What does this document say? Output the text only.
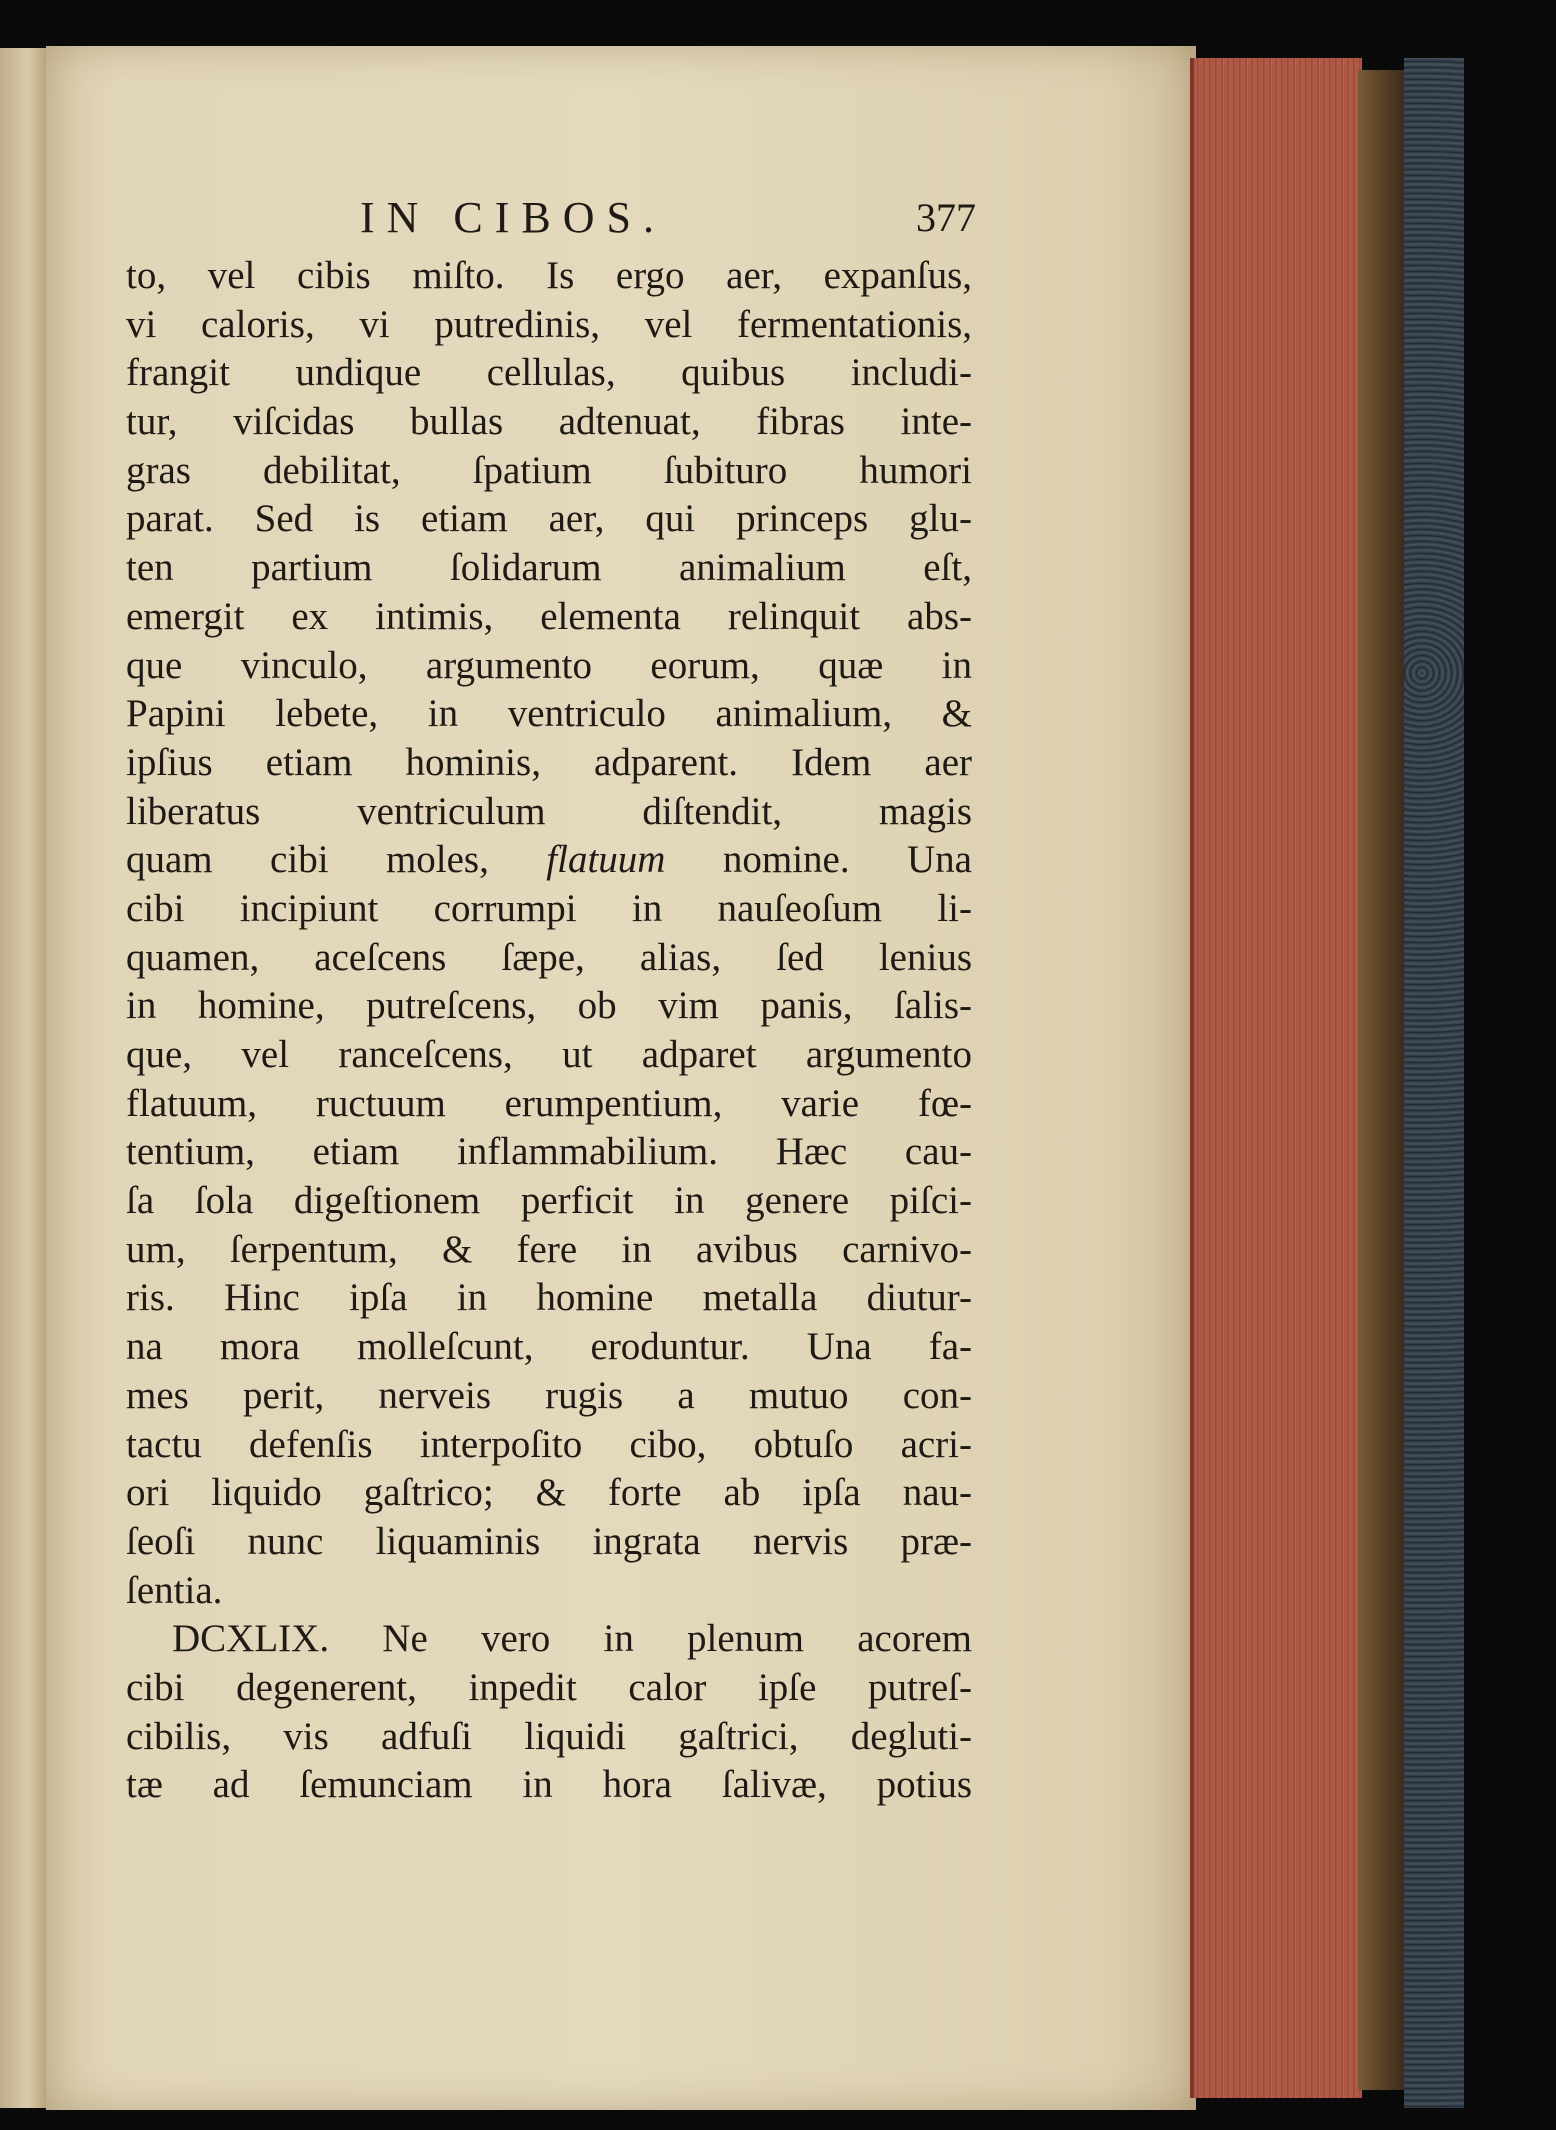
IN CIBOS.	377
to, vel cibis miſto. Is ergo aer, expanſus,
vi caloris, vi putredinis, vel fermentationis,
frangit undique cellulas, quibus includi-
tur, viſcidas bullas adtenuat, fibras inte-
gras debilitat, ſpatium ſubituro humori
parat. Sed is etiam aer, qui princeps glu-
ten partium ſolidarum animalium eſt,
emergit ex intimis, elementa relinquit abs-
que vinculo, argumento eorum, quæ in
Papini lebete, in ventriculo animalium, &
ipſius etiam hominis, adparent. Idem aer
liberatus ventriculum diſtendit, magis
quam cibi moles, flatuum nomine. Una
cibi incipiunt corrumpi in nauſeoſum li-
quamen, aceſcens ſæpe, alias, ſed lenius
in homine, putreſcens, ob vim panis, ſalis-
que, vel ranceſcens, ut adparet argumento
flatuum, ructuum erumpentium, varie fœ-
tentium, etiam inflammabilium. Hæc cau-
ſa ſola digeſtionem perficit in genere piſci-
um, ſerpentum, & fere in avibus carnivo-
ris. Hinc ipſa in homine metalla diutur-
na mora molleſcunt, eroduntur. Una fa-
mes perit, nerveis rugis a mutuo con-
tactu defenſis interpoſito cibo, obtuſo acri-
ori liquido gaſtrico; & forte ab ipſa nau-
ſeoſi nunc liquaminis ingrata nervis præ-
ſentia.
DCXLIX. Ne vero in plenum acorem
cibi degenerent, inpedit calor ipſe putreſ-
cibilis, vis adfuſi liquidi gaſtrici, degluti-
tæ ad ſemunciam in hora ſalivæ, potius
